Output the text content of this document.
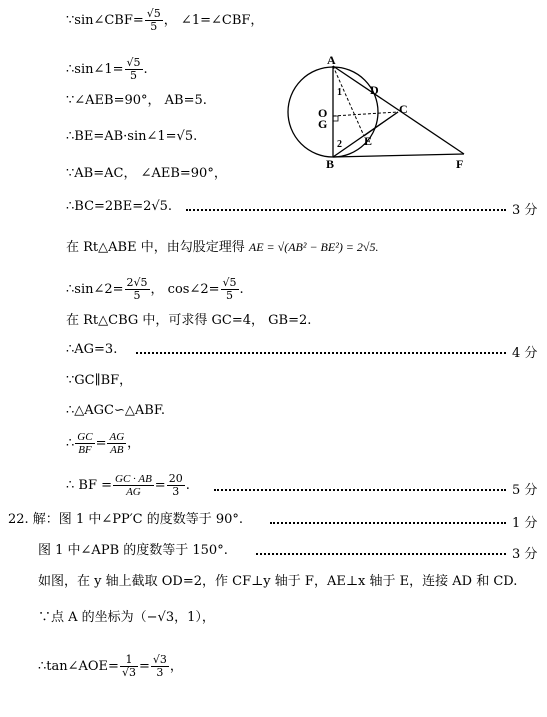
∵sin∠CBF= $\frac{√5}{5}$ ， ∠1=∠CBF，
∴sin∠1= $\frac{√5}{5}$ .
∵∠AEB=90°， AB=5.
∴BE=AB·sin∠1=√5.
∵AB=AC， ∠AEB=90°，
∴BC=2BE=2√5.	3 分
在 Rt△ABE 中，由勾股定理得 AE = √(AB² − BE²) = 2√5.
∴sin∠2= $\frac{2√5}{5}$ ， cos∠2= $\frac{√5}{5}$ .
在 Rt△CBG 中，可求得 GC=4， GB=2.
∴AG=3.	4 分
∵GC∥BF，
∴△AGC∽△ABF.
∴ $\frac{GC}{BF} = \frac{AG}{AB}$ ，
∴ BF = $\frac{GC \cdot AB}{AG} = \frac{20}{3}$ .	5 分
22. 解：图 1 中∠PP′C 的度数等于 90°.	1 分
图 1 中∠APB 的度数等于 150°.	3 分
如图，在 y 轴上截取 OD=2，作 CF⊥y 轴于 F，AE⊥x 轴于 E，连接 AD 和 CD.
∵点 A 的坐标为（−√3，1），
∴tan∠AOE= $\frac{1}{√3} = \frac{√3}{3}$ ，
A
D
C
O
G
E
B	F
1
2
